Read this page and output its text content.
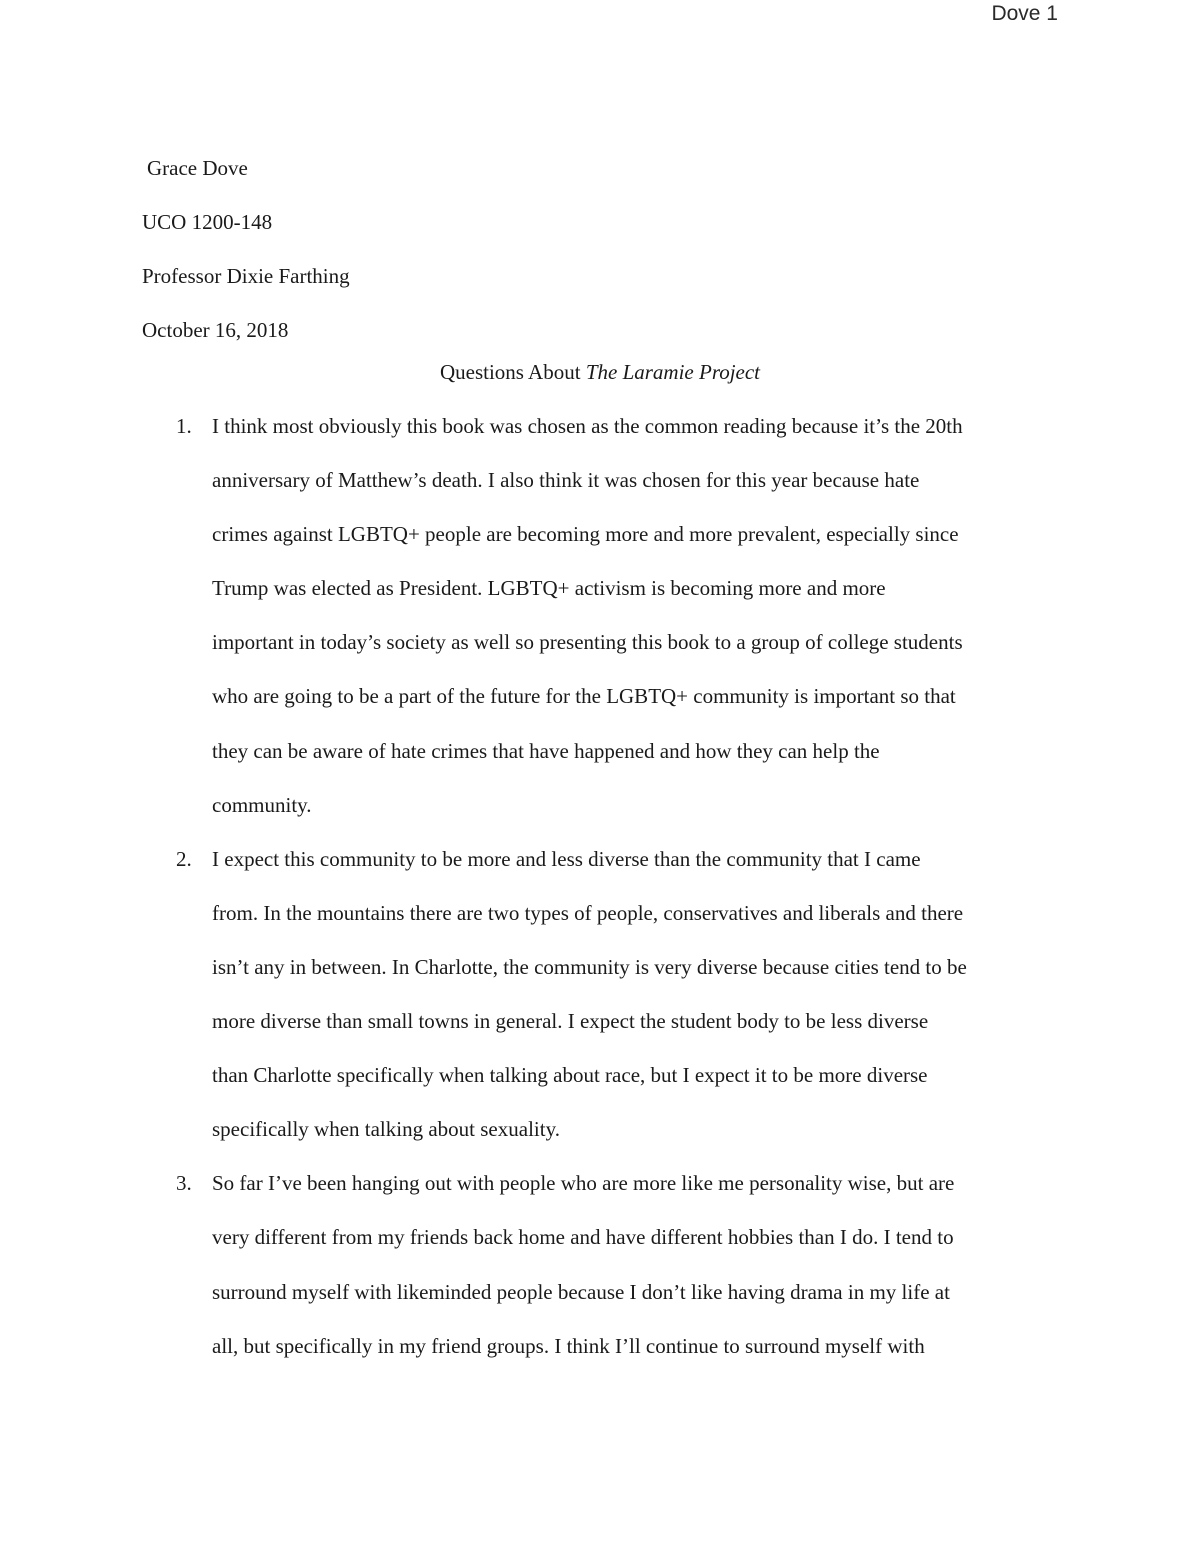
Dove 1
Grace Dove
UCO 1200-148
Professor Dixie Farthing
October 16, 2018
Questions About The Laramie Project
1. I think most obviously this book was chosen as the common reading because it’s the 20th
anniversary of Matthew’s death. I also think it was chosen for this year because hate
crimes against LGBTQ+ people are becoming more and more prevalent, especially since
Trump was elected as President. LGBTQ+ activism is becoming more and more
important in today’s society as well so presenting this book to a group of college students
who are going to be a part of the future for the LGBTQ+ community is important so that
they can be aware of hate crimes that have happened and how they can help the
community.
2. I expect this community to be more and less diverse than the community that I came
from. In the mountains there are two types of people, conservatives and liberals and there
isn’t any in between. In Charlotte, the community is very diverse because cities tend to be
more diverse than small towns in general. I expect the student body to be less diverse
than Charlotte specifically when talking about race, but I expect it to be more diverse
specifically when talking about sexuality.
3. So far I’ve been hanging out with people who are more like me personality wise, but are
very different from my friends back home and have different hobbies than I do. I tend to
surround myself with likeminded people because I don’t like having drama in my life at
all, but specifically in my friend groups. I think I’ll continue to surround myself with
